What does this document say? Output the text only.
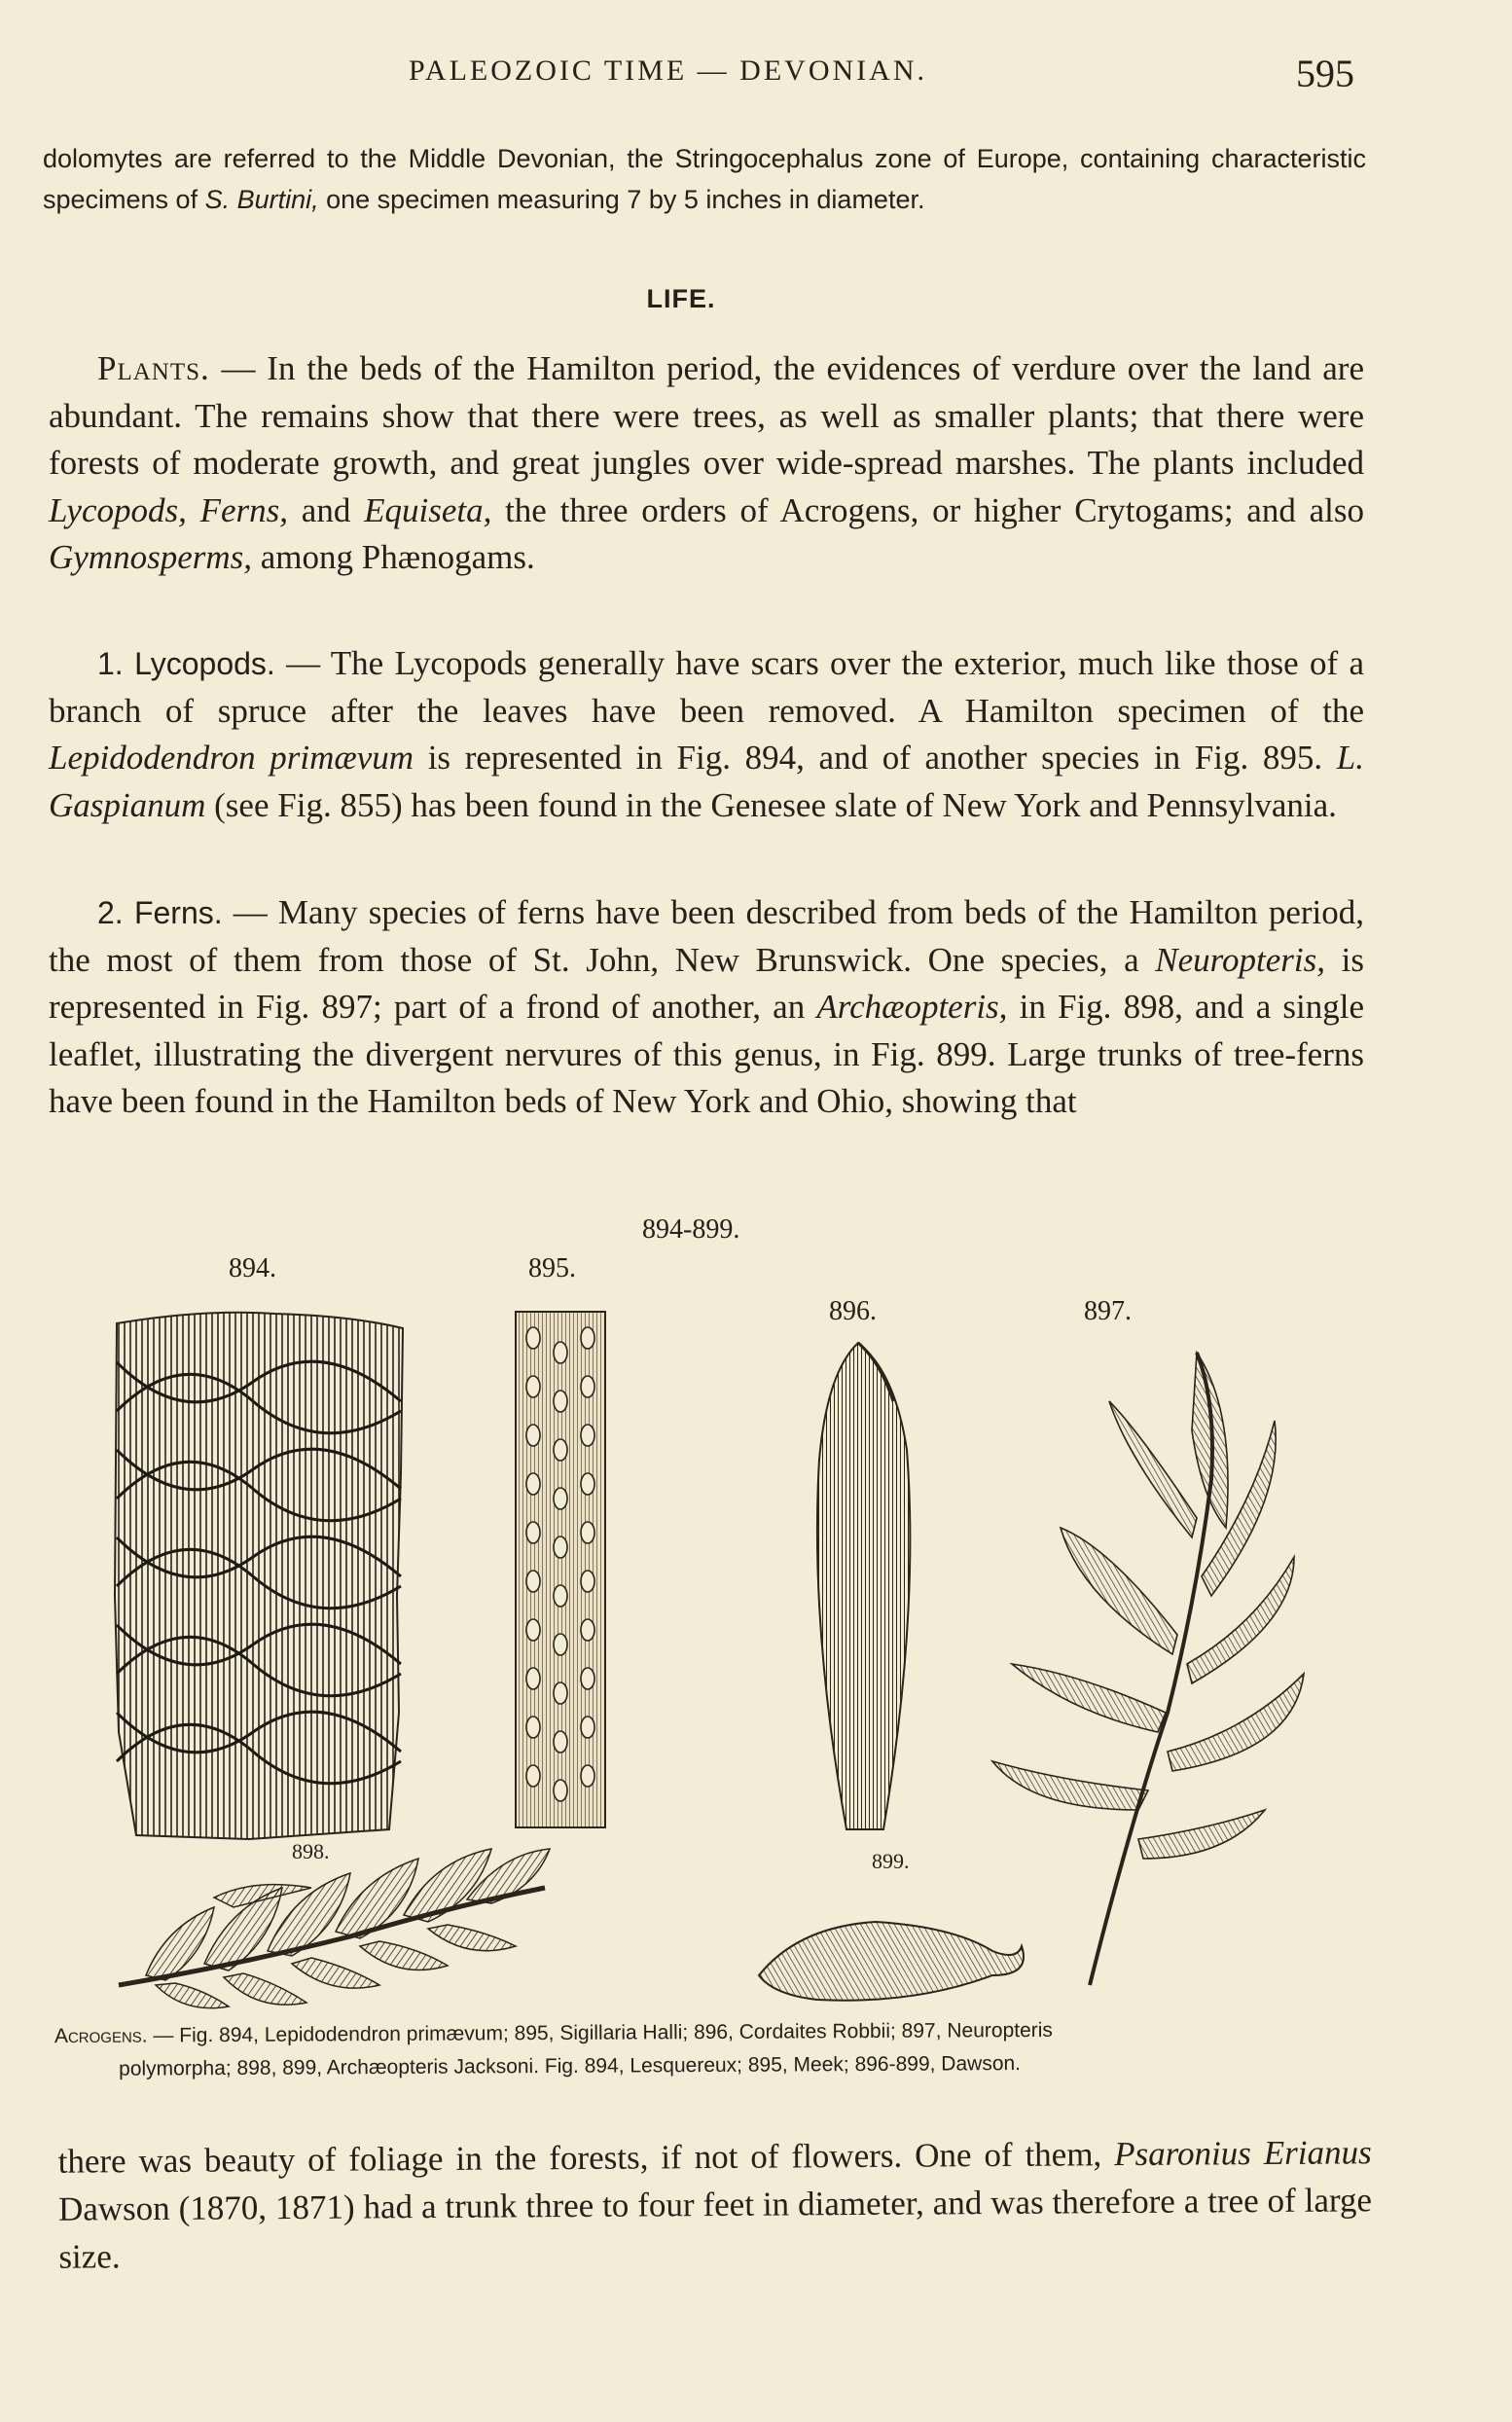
PALEOZOIC TIME — DEVONIAN.	595

dolomytes are referred to the Middle Devonian, the Stringocephalus zone of Europe, containing characteristic specimens of S. Burtini, one specimen measuring 7 by 5 inches in diameter.

LIFE.

Plants. — In the beds of the Hamilton period, the evidences of verdure over the land are abundant. The remains show that there were trees, as well as smaller plants; that there were forests of moderate growth, and great jungles over wide-spread marshes. The plants included Lycopods, Ferns, and Equiseta, the three orders of Acrogens, or higher Crytogams; and also Gymnosperms, among Phænogams.

1. Lycopods. — The Lycopods generally have scars over the exterior, much like those of a branch of spruce after the leaves have been removed. A Hamilton specimen of the Lepidodendron primævum is represented in Fig. 894, and of another species in Fig. 895. L. Gaspianum (see Fig. 855) has been found in the Genesee slate of New York and Pennsylvania.

2. Ferns. — Many species of ferns have been described from beds of the Hamilton period, the most of them from those of St. John, New Brunswick. One species, a Neuropteris, is represented in Fig. 897; part of a frond of another, an Archæopteris, in Fig. 898, and a single leaflet, illustrating the divergent nervures of this genus, in Fig. 899. Large trunks of tree-ferns have been found in the Hamilton beds of New York and Ohio, showing that

894-899.
894.	895.
896.	897.
898.	899.

Acrogens. — Fig. 894, Lepidodendron primævum; 895, Sigillaria Halli; 896, Cordaites Robbii; 897, Neuropteris
polymorpha; 898, 899, Archæopteris Jacksoni. Fig. 894, Lesquereux; 895, Meek; 896-899, Dawson.

there was beauty of foliage in the forests, if not of flowers. One of them, Psaronius Erianus Dawson (1870, 1871) had a trunk three to four feet in diameter, and was therefore a tree of large size.
